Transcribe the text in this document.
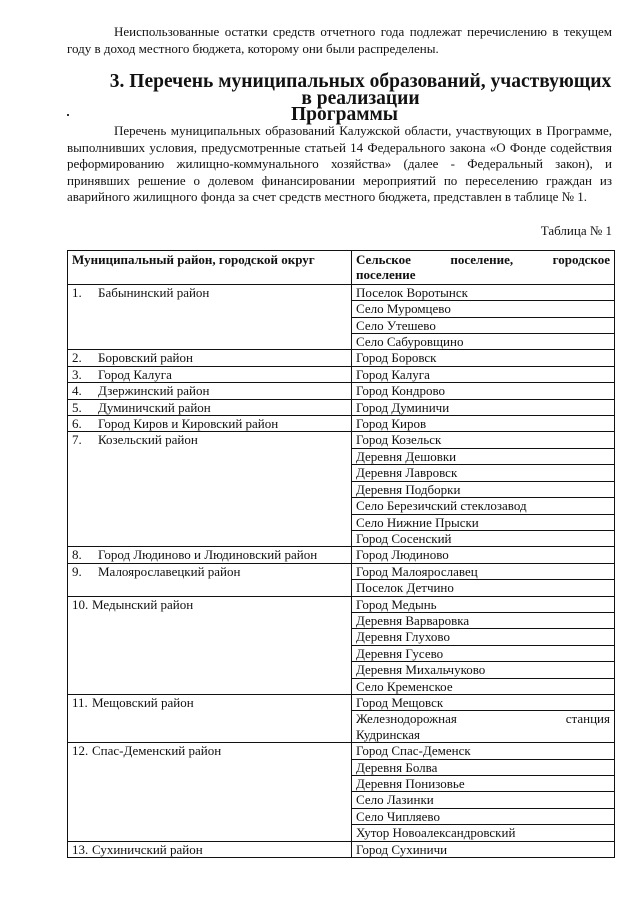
Неиспользованные остатки средств отчетного года подлежат перечислению в текущем году в доход местного бюджета, которому они были распределены.

3. Перечень муниципальных образований, участвующих в реализации
Программы

Перечень муниципальных образований Калужской области, участвующих в Программе, выполнивших условия, предусмотренные статьей 14 Федерального закона «О Фонде содействия реформированию жилищно-коммунального хозяйства» (далее - Федеральный закон), и принявших решение о долевом финансировании мероприятий по переселению граждан из аварийного жилищного фонда за счет средств местного бюджета, представлен в таблице № 1.

Таблица № 1
Муниципальный район, городской округ	Сельское поселение, городское
поселение

1. Бабынинский район	Поселок Воротынск
	Село Муромцево
	Село Утешево
	Село Сабуровщино
2. Боровский район	Город Боровск
3. Город Калуга	Город Калуга
4. Дзержинский район	Город Кондрово
5. Думиничский район	Город Думиничи
6. Город Киров и Кировский район	Город Киров
7. Козельский район	Город Козельск
	Деревня Дешовки
	Деревня Лавровск
	Деревня Подборки
	Село Березичский стеклозавод
	Село Нижние Прыски
	Город Сосенский
8. Город Людиново и Людиновский район	Город Людиново
9. Малоярославецкий район	Город Малоярославец
	Поселок Детчино
10. Медынский район	Город Медынь
	Деревня Варваровка
	Деревня Глухово
	Деревня Гусево
	Деревня Михальчуково
	Село Кременское
11. Мещовский район	Город Мещовск

	Железнодорожная станция
Кудринская
12. Спас-Деменский район	Город Спас-Деменск
	Деревня Болва
	Деревня Понизовье
	Село Лазинки
	Село Чипляево
	Хутор Новоалександровский
13. Сухиничский район	Город Сухиничи
